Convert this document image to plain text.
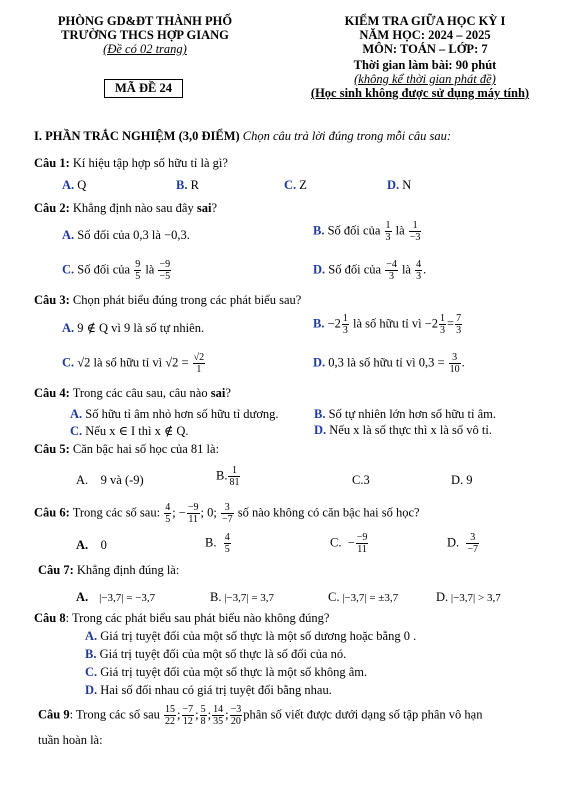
PHÒNG GD&ĐT THÀNH PHỐ
TRƯỜNG THCS HỢP GIANG
(Đề có 02 trang)
MÃ ĐỀ 24
KIỂM TRA GIỮA HỌC KỲ I
NĂM HỌC: 2024 – 2025
MÔN: TOÁN – LỚP: 7
Thời gian làm bài: 90 phút
(không kể thời gian phát đề)
(Học sinh không được sử dụng máy tính)
I. PHẦN TRẮC NGHIỆM (3,0 ĐIỂM) Chọn câu trả lời đúng trong mỗi câu sau:
Câu 1: Kí hiệu tập hợp số hữu tỉ là gì?
A. Q	B. R	C. Z	D. N
Câu 2: Khẳng định nào sau đây sai?
A. Số đối của 0,3 là −0,3.	B. Số đối của $\frac{1}{3}$ là $\frac{1}{-3}$
C. Số đối của $\frac{9}{5}$ là $\frac{-9}{-5}$	D. Số đối của $\frac{-4}{3}$ là $\frac{4}{3}$ .
Câu 3: Chọn phát biểu đúng trong các phát biểu sau?
A. 9 ∉ Q vì 9 là số tự nhiên.	B. $-2 \frac{1}{3}$ là số hữu tỉ vì $-2 \frac{1}{3} = \frac{7}{3}$
C. √2 là số hữu tỉ vì $√2 = \frac{√2}{1}$	D. 0,3 là số hữu tỉ vì $0,3 = \frac{3}{10}$ .
Câu 4: Trong các câu sau, câu nào sai?
A. Số hữu tỉ âm nhỏ hơn số hữu tỉ dương.	B. Số tự nhiên lớn hơn số hữu tỉ âm.
C. Nếu x ∈ I thì x ∉ Q.	D. Nếu x là số thực thì x là số vô tỉ.
Câu 5: Căn bậc hai số học của 81 là:
A. 9 và (-9)	B. $\frac{1}{81}$	C.3	D. 9
Câu 6: Trong các số sau: $\frac{4}{5}$ ; − $\frac{-9}{11}$ ; 0; $\frac{3}{-7}$ số nào không có căn bậc hai số học?
A. 0	B. $\frac{4}{5}$	C. − $\frac{-9}{11}$	D. $\frac{3}{-7}$
Câu 7: Khẳng định đúng là:
A. |−3,7| = −3,7	B. |−3,7| = 3,7	C. |−3,7| = ±3,7	D. |−3,7| > 3,7
Câu 8: Trong các phát biểu sau phát biểu nào không đúng?
A. Giá trị tuyệt đối của một số thực là một số dương hoặc bằng 0 .
B. Giá trị tuyệt đối của một số thực là số đối của nó.
C. Giá trị tuyệt đối của một số thực là một số không âm.
D. Hai số đối nhau có giá trị tuyệt đối bằng nhau.
Câu 9: Trong các số sau $\frac{15}{22}$ ; $\frac{-7}{12}$ ; $\frac{5}{8}$ ; $\frac{14}{35}$ ; $\frac{-3}{20}$ phân số viết được dưới dạng số tập phân vô hạn
tuần hoàn là:
